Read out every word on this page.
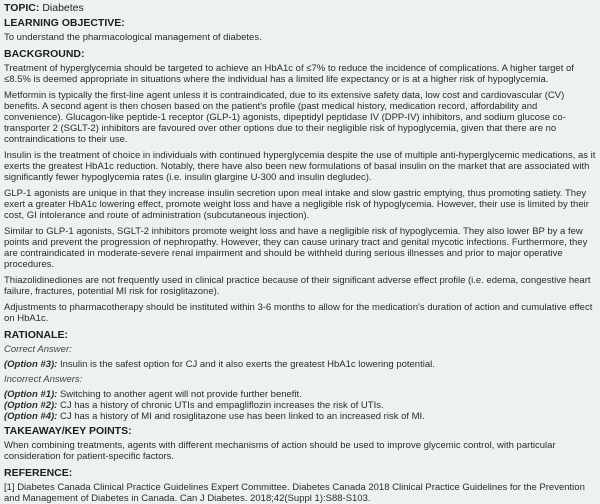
TOPIC: Diabetes
LEARNING OBJECTIVE:

To understand the pharmacological management of diabetes.

BACKGROUND:

Treatment of hyperglycemia should be targeted to achieve an HbA1c of ≤7% to reduce the incidence of complications. A higher target of ≤8.5% is deemed appropriate in situations where the individual has a limited life expectancy or is at a higher risk of hypoglycemia.

Metformin is typically the first-line agent unless it is contraindicated, due to its extensive safety data, low cost and cardiovascular (CV) benefits. A second agent is then chosen based on the patient's profile (past medical history, medication record, affordability and convenience). Glucagon-like peptide-1 receptor (GLP-1) agonists, dipeptidyl peptidase IV (DPP-IV) inhibitors, and sodium glucose co-transporter 2 (SGLT-2) inhibitors are favoured over other options due to their negligible risk of hypoglycemia, given that there are no contraindications to their use.

Insulin is the treatment of choice in individuals with continued hyperglycemia despite the use of multiple anti-hyperglycemic medications, as it exerts the greatest HbA1c reduction. Notably, there have also been new formulations of basal insulin on the market that are associated with significantly fewer hypoglycemia rates (i.e. insulin glargine U-300 and insulin degludec).

GLP-1 agonists are unique in that they increase insulin secretion upon meal intake and slow gastric emptying, thus promoting satiety. They exert a greater HbA1c lowering effect, promote weight loss and have a negligible risk of hypoglycemia. However, their use is limited by their cost, GI intolerance and route of administration (subcutaneous injection).

Similar to GLP-1 agonists, SGLT-2 inhibitors promote weight loss and have a negligible risk of hypoglycemia. They also lower BP by a few points and prevent the progression of nephropathy. However, they can cause urinary tract and genital mycotic infections. Furthermore, they are contraindicated in moderate-severe renal impairment and should be withheld during serious illnesses and prior to major operative procedures.

Thiazolidinediones are not frequently used in clinical practice because of their significant adverse effect profile (i.e. edema, congestive heart failure, fractures, potential MI risk for rosiglitazone).

Adjustments to pharmacotherapy should be instituted within 3-6 months to allow for the medication's duration of action and cumulative effect on HbA1c.

RATIONALE:
Correct Answer:
(Option #3): Insulin is the safest option for CJ and it also exerts the greatest HbA1c lowering potential.
Incorrect Answers:
(Option #1): Switching to another agent will not provide further benefit.
(Option #2): CJ has a history of chronic UTIs and empagliflozin increases the risk of UTIs.
(Option #4): CJ has a history of MI and rosiglitazone use has been linked to an increased risk of MI.
TAKEAWAY/KEY POINTS:

When combining treatments, agents with different mechanisms of action should be used to improve glycemic control, with particular consideration for patient-specific factors.

REFERENCE:

[1] Diabetes Canada Clinical Practice Guidelines Expert Committee. Diabetes Canada 2018 Clinical Practice Guidelines for the Prevention and Management of Diabetes in Canada. Can J Diabetes. 2018;42(Suppl 1):S88-S103.
